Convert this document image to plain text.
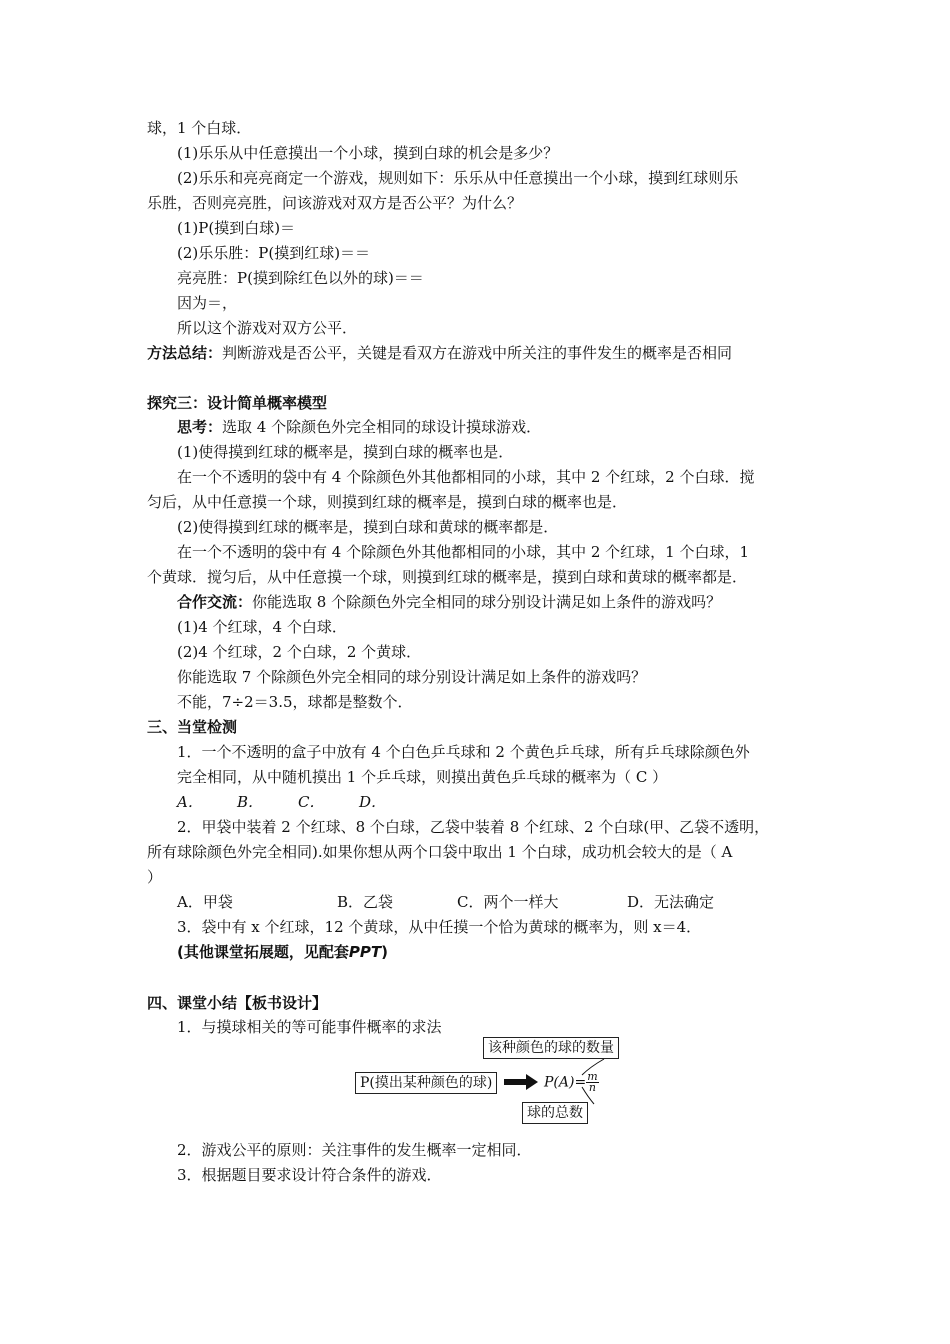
球，1 个白球．
(1)乐乐从中任意摸出一个小球，摸到白球的机会是多少？
(2)乐乐和亮亮商定一个游戏，规则如下：乐乐从中任意摸出一个小球，摸到红球则乐
乐胜，否则亮亮胜，问该游戏对双方是否公平？为什么？
(1)P(摸到白球)＝
(2)乐乐胜：P(摸到红球)＝＝
亮亮胜：P(摸到除红色以外的球)＝＝
因为＝，
所以这个游戏对双方公平．
方法总结：判断游戏是否公平，关键是看双方在游戏中所关注的事件发生的概率是否相同
探究三：设计简单概率模型
思考：选取 4 个除颜色外完全相同的球设计摸球游戏．
(1)使得摸到红球的概率是，摸到白球的概率也是．
在一个不透明的袋中有 4 个除颜色外其他都相同的小球，其中 2 个红球，2 个白球．搅
匀后，从中任意摸一个球，则摸到红球的概率是，摸到白球的概率也是．
(2)使得摸到红球的概率是，摸到白球和黄球的概率都是．
在一个不透明的袋中有 4 个除颜色外其他都相同的小球，其中 2 个红球，1 个白球，1
个黄球．搅匀后，从中任意摸一个球，则摸到红球的概率是，摸到白球和黄球的概率都是．
合作交流：你能选取 8 个除颜色外完全相同的球分别设计满足如上条件的游戏吗？
(1)4 个红球，4 个白球．
(2)4 个红球，2 个白球，2 个黄球．
你能选取 7 个除颜色外完全相同的球分别设计满足如上条件的游戏吗？
不能，7÷2＝3.5，球都是整数个．
三、当堂检测
1．一个不透明的盒子中放有 4 个白色乒乓球和 2 个黄色乒乓球，所有乒乓球除颜色外
完全相同，从中随机摸出 1 个乒乓球，则摸出黄色乒乓球的概率为（ C ）
A． B． C． D．
2．甲袋中装着 2 个红球、8 个白球，乙袋中装着 8 个红球、2 个白球(甲、乙袋不透明，
所有球除颜色外完全相同).如果你想从两个口袋中取出 1 个白球，成功机会较大的是（ A
）
A．甲袋	B．乙袋	C．两个一样大	D．无法确定
3．袋中有 x 个红球，12 个黄球，从中任摸一个恰为黄球的概率为，则 x＝4．
(其他课堂拓展题，见配套PPT)
四、课堂小结【板书设计】
1．与摸球相关的等可能事件概率的求法
该种颜色的球的数量
P(摸出某种颜色的球)	$P(A)= \frac{m}{n}$
球的总数
2．游戏公平的原则：关注事件的发生概率一定相同．
3．根据题目要求设计符合条件的游戏．
